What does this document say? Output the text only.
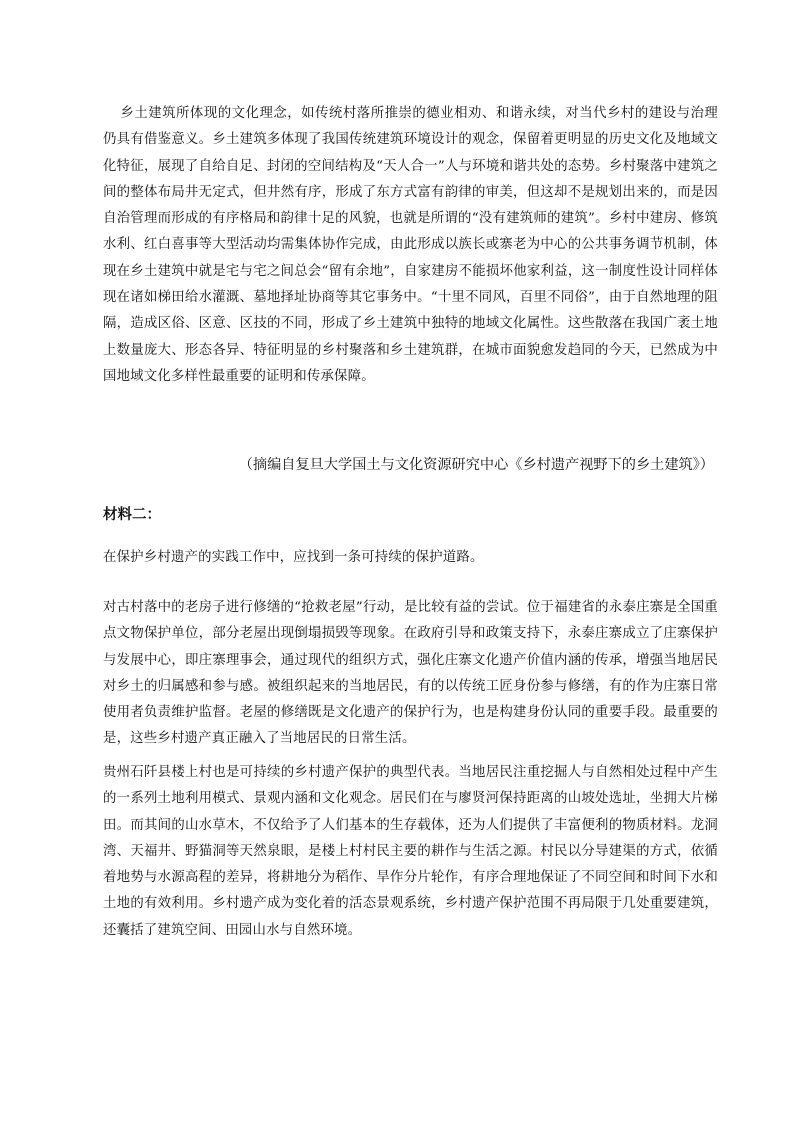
乡土建筑所体现的文化理念，如传统村落所推崇的德业相劝、和谐永续，对当代乡村的建设与治理仍具有借鉴意义。乡土建筑多体现了我国传统建筑环境设计的观念，保留着更明显的历史文化及地域文化特征，展现了自给自足、封闭的空间结构及“天人合一”人与环境和谐共处的态势。乡村聚落中建筑之间的整体布局井无定式，但井然有序，形成了东方式富有韵律的审美，但这却不是规划出来的，而是因自治管理而形成的有序格局和韵律十足的风貌，也就是所谓的“没有建筑师的建筑”。乡村中建房、修筑水利、红白喜事等大型活动均需集体协作完成，由此形成以族长或寨老为中心的公共事务调节机制，体现在乡土建筑中就是宅与宅之间总会“留有余地”，自家建房不能损坏他家利益，这一制度性设计同样体现在诸如梯田给水灌溉、墓地择址协商等其它事务中。“十里不同风，百里不同俗”，由于自然地理的阻隔，造成区俗、区意、区技的不同，形成了乡土建筑中独特的地域文化属性。这些散落在我国广袤土地上数量庞大、形态各异、特征明显的乡村聚落和乡土建筑群，在城市面貌愈发趋同的今天，已然成为中国地域文化多样性最重要的证明和传承保障。

（摘编自复旦大学国土与文化资源研究中心《乡村遗产视野下的乡土建筑》）

材料二：

在保护乡村遗产的实践工作中，应找到一条可持续的保护道路。

对古村落中的老房子进行修缮的“抢救老屋”行动，是比较有益的尝试。位于福建省的永泰庄寨是全国重点文物保护单位，部分老屋出现倒塌损毁等现象。在政府引导和政策支持下，永泰庄寨成立了庄寨保护与发展中心，即庄寨理事会，通过现代的组织方式，强化庄寨文化遗产价值内涵的传承，增强当地居民对乡土的归属感和参与感。被组织起来的当地居民，有的以传统工匠身份参与修缮，有的作为庄寨日常使用者负责维护监督。老屋的修缮既是文化遗产的保护行为，也是构建身份认同的重要手段。最重要的是，这些乡村遗产真正融入了当地居民的日常生活。

贵州石阡县楼上村也是可持续的乡村遗产保护的典型代表。当地居民注重挖掘人与自然相处过程中产生的一系列土地利用模式、景观内涵和文化观念。居民们在与廖贤河保持距离的山坡处选址，坐拥大片梯田。而其间的山水草木，不仅给予了人们基本的生存载体，还为人们提供了丰富便利的物质材料。龙洞湾、天福井、野猫洞等天然泉眼，是楼上村村民主要的耕作与生活之源。村民以分导建渠的方式，依循着地势与水源高程的差异，将耕地分为稻作、旱作分片轮作，有序合理地保证了不同空间和时间下水和土地的有效利用。乡村遗产成为变化着的活态景观系统，乡村遗产保护范围不再局限于几处重要建筑，还囊括了建筑空间、田园山水与自然环境。
